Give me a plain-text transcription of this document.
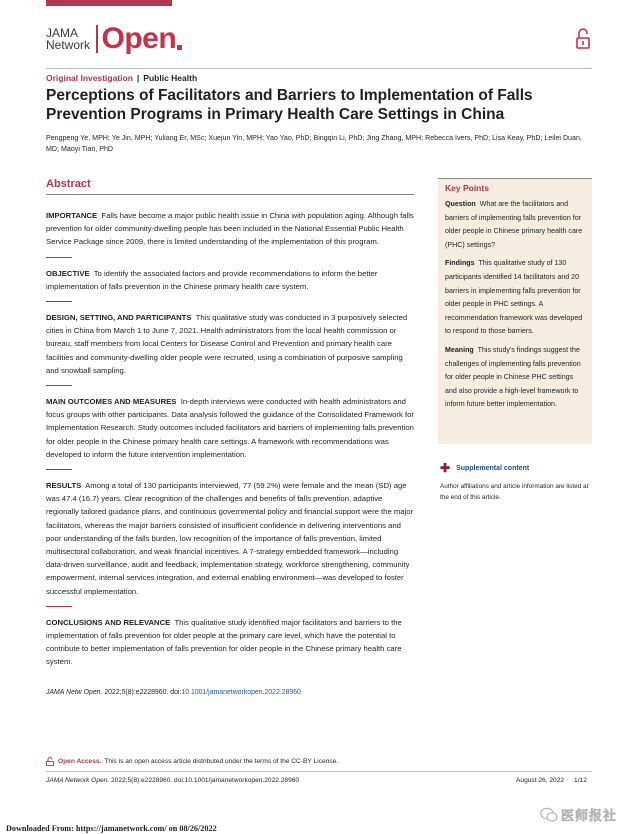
JAMA
Network Open
Original Investigation | Public Health
Perceptions of Facilitators and Barriers to Implementation of Falls Prevention Programs in Primary Health Care Settings in China

Pengpeng Ye, MPH; Ye Jin, MPH; Yuliang Er, MSc; Xuejun Yin, MPH; Yao Yao, PhD; Bingqin Li, PhD; Jing Zhang, MPH; Rebecca Ivers, PhD; Lisa Keay, PhD; Leilei Duan, MD; Maoyi Tian, PhD

Abstract

IMPORTANCE Falls have become a major public health issue in China with population aging. Although falls prevention for older community-dwelling people has been included in the National Essential Public Health Service Package since 2009, there is limited understanding of the implementation of this program.

OBJECTIVE To identify the associated factors and provide recommendations to inform the better implementation of falls prevention in the Chinese primary health care system.

DESIGN, SETTING, AND PARTICIPANTS This qualitative study was conducted in 3 purposively selected cities in China from March 1 to June 7, 2021. Health administrators from the local health commission or bureau, staff members from local Centers for Disease Control and Prevention and primary health care facilities and community-dwelling older people were recruited, using a combination of purposive sampling and snowball sampling.

MAIN OUTCOMES AND MEASURES In-depth interviews were conducted with health administrators and focus groups with other participants. Data analysis followed the guidance of the Consolidated Framework for Implementation Research. Study outcomes included facilitators and barriers of implementing falls prevention for older people in the Chinese primary health care settings. A framework with recommendations was developed to inform the future intervention implementation.

RESULTS Among a total of 130 participants interviewed, 77 (59.2%) were female and the mean (SD) age was 47.4 (16.7) years. Clear recognition of the challenges and benefits of falls prevention, adaptive regionally tailored guidance plans, and continuous governmental policy and financial support were the major facilitators, whereas the major barriers consisted of insufficient confidence in delivering interventions and poor understanding of the falls burden, low recognition of the importance of falls prevention, limited multisectoral collaboration, and weak financial incentives. A 7-strategy embedded framework—including data-driven surveillance, audit and feedback, implementation strategy, workforce strengthening, community empowerment, internal services integration, and external enabling environment—was developed to foster successful implementation.

CONCLUSIONS AND RELEVANCE This qualitative study identified major facilitators and barriers to the implementation of falls prevention for older people at the primary care level, which have the potential to contribute to better implementation of falls prevention for older people in the Chinese primary health care system.

JAMA Netw Open. 2022;5(8):e2228960. doi:10.1001/jamanetworkopen.2022.28960

Key Points

Question What are the facilitators and barriers of implementing falls prevention for older people in Chinese primary health care (PHC) settings?

Findings This qualitative study of 130 participants identified 14 facilitators and 20 barriers in implementing falls prevention for older people in PHC settings. A recommendation framework was developed to respond to those barriers.

Meaning This study's findings suggest the challenges of implementing falls prevention for older people in Chinese PHC settings and also provide a high-level framework to inform future better implementation.

✚ Supplemental content

Author affiliations and article information are listed at the end of this article.

Open Access. This is an open access article distributed under the terms of the CC-BY License.
JAMA Network Open. 2022;5(8):e2228960. doi:10.1001/jamanetworkopen.2022.28960	August 26, 2022 1/12
Downloaded From: https://jamanetwork.com/ on 08/26/2022
医师报社
